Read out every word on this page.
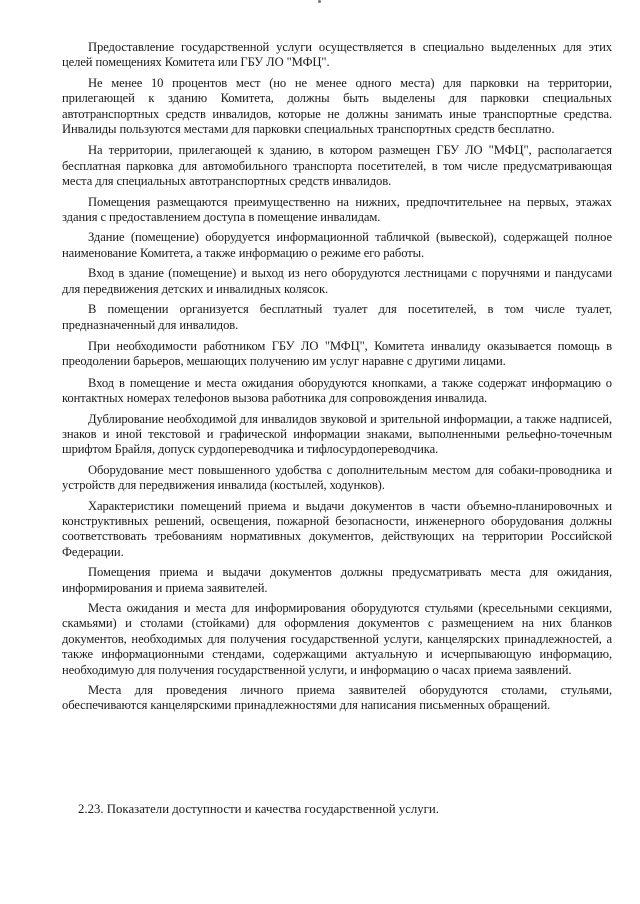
Предоставление государственной услуги осуществляется в специально выделенных для этих целей помещениях Комитета или ГБУ ЛО "МФЦ".

Не менее 10 процентов мест (но не менее одного места) для парковки на территории, прилегающей к зданию Комитета, должны быть выделены для парковки специальных автотранспортных средств инвалидов, которые не должны занимать иные транспортные средства. Инвалиды пользуются местами для парковки специальных транспортных средств бесплатно.

На территории, прилегающей к зданию, в котором размещен ГБУ ЛО "МФЦ", располагается бесплатная парковка для автомобильного транспорта посетителей, в том числе предусматривающая места для специальных автотранспортных средств инвалидов.

Помещения размещаются преимущественно на нижних, предпочтительнее на первых, этажах здания с предоставлением доступа в помещение инвалидам.

Здание (помещение) оборудуется информационной табличкой (вывеской), содержащей полное наименование Комитета, а также информацию о режиме его работы.

Вход в здание (помещение) и выход из него оборудуются лестницами с поручнями и пандусами для передвижения детских и инвалидных колясок.

В помещении организуется бесплатный туалет для посетителей, в том числе туалет, предназначенный для инвалидов.

При необходимости работником ГБУ ЛО "МФЦ", Комитета инвалиду оказывается помощь в преодолении барьеров, мешающих получению им услуг наравне с другими лицами.

Вход в помещение и места ожидания оборудуются кнопками, а также содержат информацию о контактных номерах телефонов вызова работника для сопровождения инвалида.

Дублирование необходимой для инвалидов звуковой и зрительной информации, а также надписей, знаков и иной текстовой и графической информации знаками, выполненными рельефно-точечным шрифтом Брайля, допуск сурдопереводчика и тифлосурдопереводчика.

Оборудование мест повышенного удобства с дополнительным местом для собаки-проводника и устройств для передвижения инвалида (костылей, ходунков).

Характеристики помещений приема и выдачи документов в части объемно-планировочных и конструктивных решений, освещения, пожарной безопасности, инженерного оборудования должны соответствовать требованиям нормативных документов, действующих на территории Российской Федерации.

Помещения приема и выдачи документов должны предусматривать места для ожидания, информирования и приема заявителей.

Места ожидания и места для информирования оборудуются стульями (кресельными секциями, скамьями) и столами (стойками) для оформления документов с размещением на них бланков документов, необходимых для получения государственной услуги, канцелярских принадлежностей, а также информационными стендами, содержащими актуальную и исчерпывающую информацию, необходимую для получения государственной услуги, и информацию о часах приема заявлений.

Места для проведения личного приема заявителей оборудуются столами, стульями, обеспечиваются канцелярскими принадлежностями для написания письменных обращений.

2.23. Показатели доступности и качества государственной услуги.
